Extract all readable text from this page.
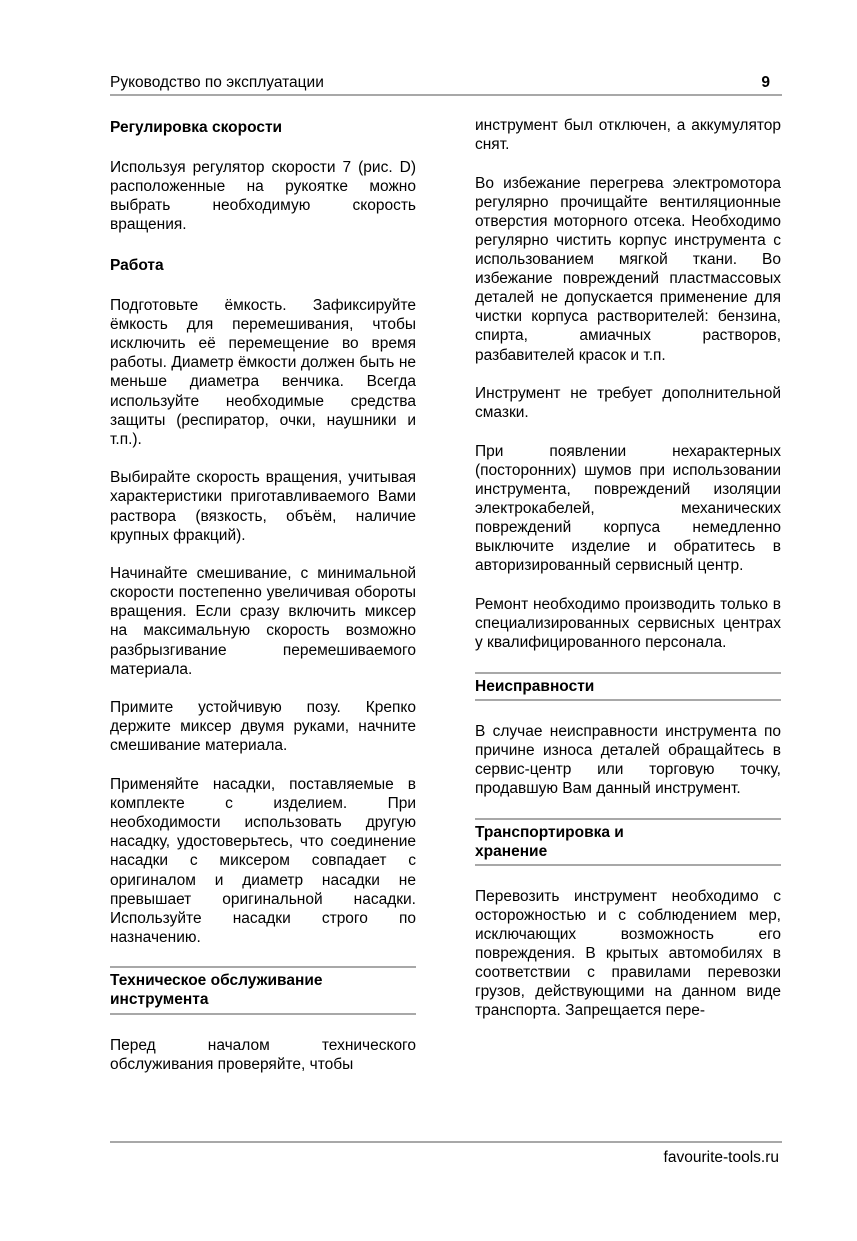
Руководство по эксплуатации	9
Регулировка скорости

Используя регулятор скорости 7 (рис. D) расположенные на рукоятке можно выбрать необходимую скорость вращения.

Работа

Подготовьте ёмкость. Зафиксируйте ёмкость для перемешивания, чтобы исключить её перемещение во время работы. Диаметр ёмкости должен быть не меньше диаметра венчика. Всегда используйте необходимые средства защиты (респиратор, очки, наушники и т.п.).

Выбирайте скорость вращения, учитывая характеристики приготавливаемого Вами раствора (вязкость, объём, наличие крупных фракций).

Начинайте смешивание, с минимальной скорости постепенно увеличивая обороты вращения. Если сразу включить миксер на максимальную скорость возможно разбрызгивание перемешиваемого материала.

Примите устойчивую позу. Крепко держите миксер двумя руками, начните смешивание материала.

Применяйте насадки, поставляемые в комплекте с изделием. При необходимости использовать другую насадку, удостоверьтесь, что соединение насадки с миксером совпадает с оригиналом и диаметр насадки не превышает оригинальной насадки. Используйте насадки строго по назначению.

Техническое обслуживание инструмента

Перед началом технического обслуживания проверяйте, чтобы

инструмент был отключен, а аккумулятор снят.

Во избежание перегрева электромотора регулярно прочищайте вентиляционные отверстия моторного отсека. Необходимо регулярно чистить корпус инструмента с использованием мягкой ткани. Во избежание повреждений пластмассовых деталей не допускается применение для чистки корпуса растворителей: бензина, спирта, амиачных растворов, разбавителей красок и т.п.

Инструмент не требует дополнительной смазки.

При появлении нехарактерных (посторонних) шумов при использовании инструмента, повреждений изоляции электрокабелей, механических повреждений корпуса немедленно выключите изделие и обратитесь в авторизированный сервисный центр.

Ремонт необходимо производить только в специализированных сервисных центрах у квалифицированного персонала.

Неисправности

В случае неисправности инструмента по причине износа деталей обращайтесь в сервис-центр или торговую точку, продавшую Вам данный инструмент.

Транспортировка и хранение

Перевозить инструмент необходимо с осторожностью и с соблюдением мер, исключающих возможность его повреждения. В крытых автомобилях в соответствии с правилами перевозки грузов, действующими на данном виде транспорта. Запрещается пере-

favourite-tools.ru
